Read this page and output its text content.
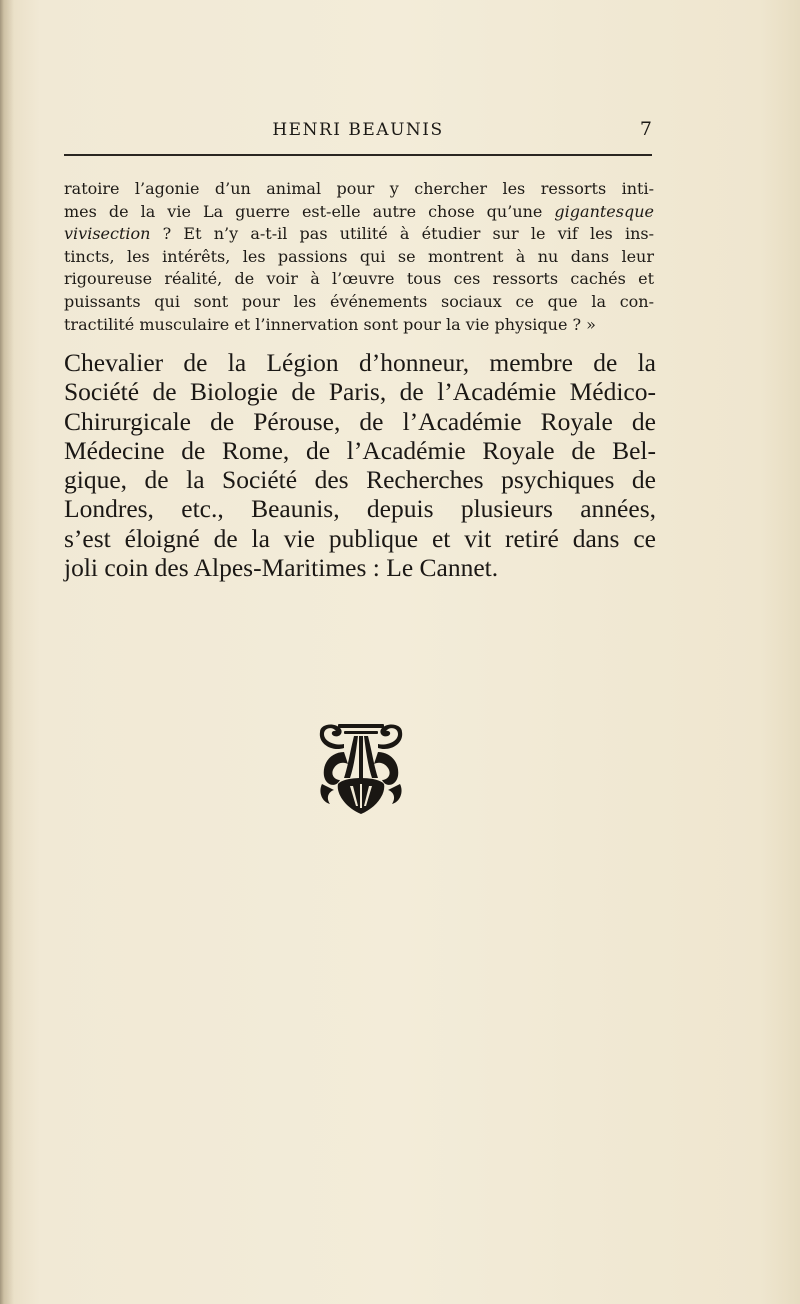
HENRI BEAUNIS	7
ratoire l’agonie d’un animal pour y chercher les ressorts inti-
mes de la vie La guerre est-elle autre chose qu’une gigantesque
vivisection ? Et n’y a-t-il pas utilité à étudier sur le vif les ins-
tincts, les intérêts, les passions qui se montrent à nu dans leur
rigoureuse réalité, de voir à l’œuvre tous ces ressorts cachés et
puissants qui sont pour les événements sociaux ce que la con-
tractilité musculaire et l’innervation sont pour la vie physique ? »
Chevalier de la Légion d’honneur, membre de la
Société de Biologie de Paris, de l’Académie Médico-
Chirurgicale de Pérouse, de l’Académie Royale de
Médecine de Rome, de l’Académie Royale de Bel-
gique, de la Société des Recherches psychiques de
Londres, etc., Beaunis, depuis plusieurs années,
s’est éloigné de la vie publique et vit retiré dans ce
joli coin des Alpes-Maritimes : Le Cannet.
